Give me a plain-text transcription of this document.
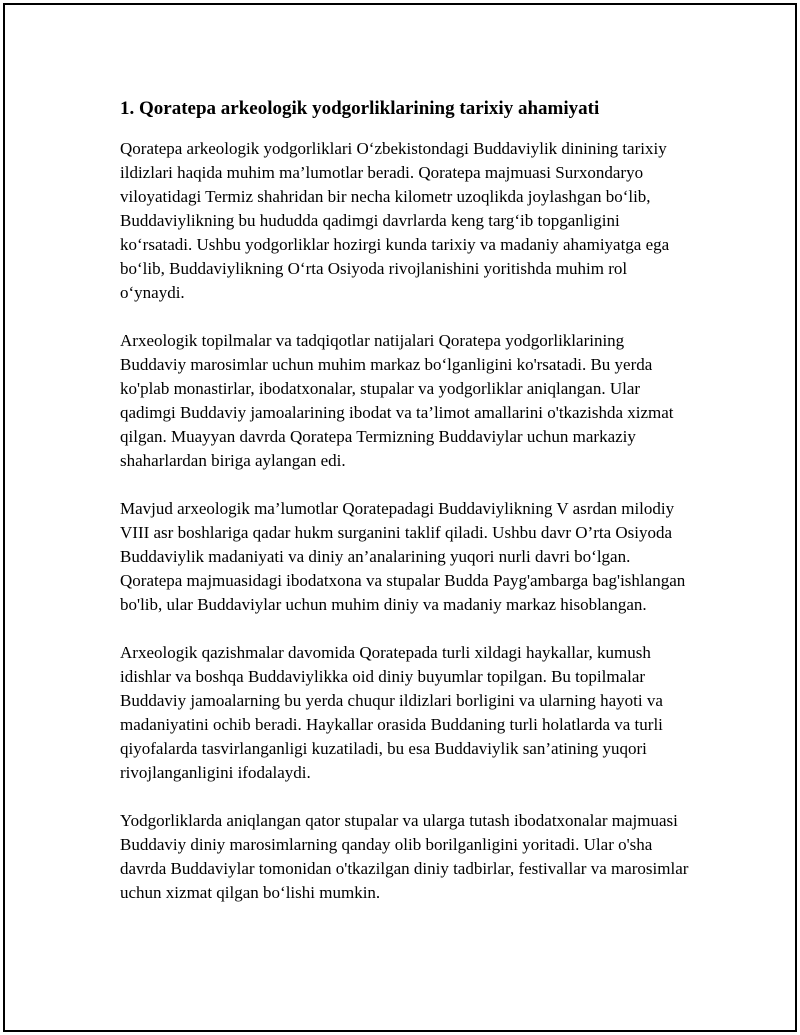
1. Qoratepa arkeologik yodgorliklarining tarixiy ahamiyati

Qoratepa arkeologik yodgorliklari O‘zbekistondagi Buddaviylik dinining tarixiy ildizlari haqida muhim ma’lumotlar beradi. Qoratepa majmuasi Surxondaryo viloyatidagi Termiz shahridan bir necha kilometr uzoqlikda joylashgan bo‘lib, Buddaviylikning bu hududda qadimgi davrlarda keng targ‘ib topganligini ko‘rsatadi. Ushbu yodgorliklar hozirgi kunda tarixiy va madaniy ahamiyatga ega bo‘lib, Buddaviylikning O‘rta Osiyoda rivojlanishini yoritishda muhim rol o‘ynaydi.

Arxeologik topilmalar va tadqiqotlar natijalari Qoratepa yodgorliklarining Buddaviy marosimlar uchun muhim markaz bo‘lganligini ko'rsatadi. Bu yerda ko'plab monastirlar, ibodatxonalar, stupalar va yodgorliklar aniqlangan. Ular qadimgi Buddaviy jamoalarining ibodat va ta’limot amallarini o'tkazishda xizmat qilgan. Muayyan davrda Qoratepa Termizning Buddaviylar uchun markaziy shaharlardan biriga aylangan edi.

Mavjud arxeologik ma’lumotlar Qoratepadagi Buddaviylikning V asrdan milodiy VIII asr boshlariga qadar hukm surganini taklif qiladi. Ushbu davr O’rta Osiyoda Buddaviylik madaniyati va diniy an’analarining yuqori nurli davri bo‘lgan. Qoratepa majmuasidagi ibodatxona va stupalar Budda Payg'ambarga bag'ishlangan bo'lib, ular Buddaviylar uchun muhim diniy va madaniy markaz hisoblangan.

Arxeologik qazishmalar davomida Qoratepada turli xildagi haykallar, kumush idishlar va boshqa Buddaviylikka oid diniy buyumlar topilgan. Bu topilmalar Buddaviy jamoalarning bu yerda chuqur ildizlari borligini va ularning hayoti va madaniyatini ochib beradi. Haykallar orasida Buddaning turli holatlarda va turli qiyofalarda tasvirlanganligi kuzatiladi, bu esa Buddaviylik san’atining yuqori rivojlanganligini ifodalaydi.

Yodgorliklarda aniqlangan qator stupalar va ularga tutash ibodatxonalar majmuasi Buddaviy diniy marosimlarning qanday olib borilganligini yoritadi. Ular o'sha davrda Buddaviylar tomonidan o'tkazilgan diniy tadbirlar, festivallar va marosimlar uchun xizmat qilgan bo‘lishi mumkin.
